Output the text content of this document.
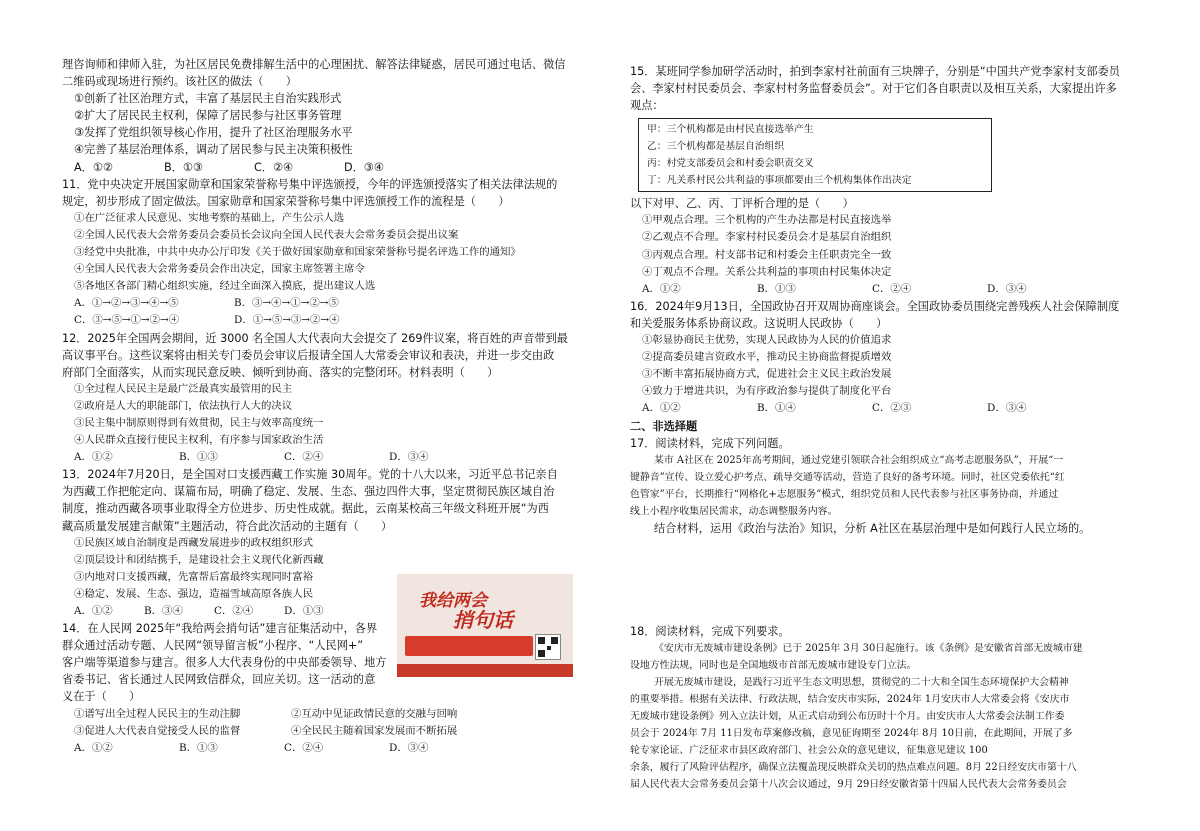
理咨询师和律师入驻，为社区居民免费排解生活中的心理困扰、解答法律疑惑，居民可通过电话、微信
二维码或现场进行预约。该社区的做法（　　）
①创新了社区治理方式，丰富了基层民主自治实践形式
②扩大了居民民主权利，保障了居民参与社区事务管理
③发挥了党组织领导核心作用，提升了社区治理服务水平
④完善了基层治理体系，调动了居民参与民主决策积极性
A．①②	B．①③	C．②④	D．③④
11．党中央决定开展国家勋章和国家荣誉称号集中评选颁授，今年的评选颁授落实了相关法律法规的
规定，初步形成了固定做法。国家勋章和国家荣誉称号集中评选颁授工作的流程是（　　）
①在广泛征求人民意见、实地考察的基础上，产生公示人选
②全国人民代表大会常务委员会委员长会议向全国人民代表大会常务委员会提出议案
③经党中央批准，中共中央办公厅印发《关于做好国家勋章和国家荣誉称号提名评选工作的通知》
④全国人民代表大会常务委员会作出决定，国家主席签署主席令
⑤各地区各部门精心组织实施，经过全面深入摸底，提出建议人选
A．①→②→③→④→⑤	B．③→④→①→②→⑤
C．③→⑤→①→②→④	D．①→⑤→③→②→④
12．2025年全国两会期间，近 3000 名全国人大代表向大会提交了 269件议案，将百姓的声音带到最
高议事平台。这些议案将由相关专门委员会审议后报请全国人大常委会审议和表决，并进一步交由政
府部门全面落实，从而实现民意反映、倾听到协商、落实的完整闭环。材料表明（　　）
①全过程人民民主是最广泛最真实最管用的民主
②政府是人大的职能部门，依法执行人大的决议
③民主集中制原则得到有效贯彻，民主与效率高度统一
④人民群众直接行使民主权利，有序参与国家政治生活
A．①②	B．①③	C．②④	D．③④
13．2024年7月20日，是全国对口支援西藏工作实施 30周年。党的十八大以来，习近平总书记亲自
为西藏工作把舵定向、谋篇布局，明确了稳定、发展、生态、强边四件大事，坚定贯彻民族区域自治
制度，推动西藏各项事业取得全方位进步、历史性成就。据此，云南某校高三年级文科班开展“为西
藏高质量发展建言献策”主题活动，符合此次活动的主题有（　　）
①民族区域自治制度是西藏发展进步的政权组织形式
②顶层设计和团结携手，是建设社会主义现代化新西藏
③内地对口支援西藏，先富帮后富最终实现同时富裕
④稳定、发展、生态、强边，造福雪域高原各族人民
A．①②	B．③④	C．②④	D．①③
14．在人民网 2025年“我给两会捎句话”建言征集活动中，各界
群众通过活动专题、人民网“领导留言板”小程序、“人民网+”
客户端等渠道参与建言。很多人大代表身份的中央部委领导、地方
省委书记、省长通过人民网致信群众，回应关切。这一活动的意
义在于（　　）
①谱写出全过程人民民主的生动注脚	②互动中见证政情民意的交融与回响
③促进人大代表自觉接受人民的监督	④全民民主随着国家发展而不断拓展
A．①②	B．①③	C．②④	D．③④
我给两会
捎句话
15．某班同学参加研学活动时，拍到李家村社前面有三块牌子，分别是“中国共产党李家村支部委员
会、李家村村民委员会、李家村村务监督委员会”。对于它们各自职责以及相互关系，大家提出许多
观点：
甲：三个机构都是由村民直接选举产生
乙：三个机构都是基层自治组织
丙：村党支部委员会和村委会职责交叉
丁：凡关系村民公共利益的事项都要由三个机构集体作出决定
以下对甲、乙、丙、丁评析合理的是（　　）
①甲观点合理。三个机构的产生办法都是村民直接选举
②乙观点不合理。李家村村民委员会才是基层自治组织
③丙观点合理。村支部书记和村委会主任职责完全一致
④丁观点不合理。关系公共利益的事项由村民集体决定
A．①②	B．①③	C．②④	D．③④
16．2024年9月13日，全国政协召开双周协商座谈会。全国政协委员围绕完善残疾人社会保障制度
和关爱服务体系协商议政。这说明人民政协（　　）
①彰显协商民主优势，实现人民政协为人民的价值追求
②提高委员建言资政水平，推动民主协商监督提质增效
③不断丰富拓展协商方式，促进社会主义民主政治发展
④致力于增进共识，为有序政治参与提供了制度化平台
A．①②	B．①④	C．②③	D．③④
二、非选择题
17．阅读材料，完成下列问题。
某市 A社区在 2025年高考期间，通过党建引领联合社会组织成立“高考志愿服务队”，开展“一
键静音”宣传、设立爱心护考点、疏导交通等活动，营造了良好的备考环境。同时，社区党委依托“红
色管家”平台，长期推行“网格化+志愿服务”模式，组织党员和人民代表参与社区事务协商，并通过
线上小程序收集居民需求，动态调整服务内容。
结合材料，运用《政治与法治》知识，分析 A社区在基层治理中是如何践行人民立场的。
18．阅读材料，完成下列要求。
《安庆市无废城市建设条例》已于 2025年 3月 30日起施行。该《条例》是安徽省首部无废城市建
设地方性法规，同时也是全国地级市首部无废城市建设专门立法。
开展无废城市建设，是践行习近平生态文明思想，贯彻党的二十大和全国生态环境保护大会精神
的重要举措。根据有关法律、行政法规，结合安庆市实际，2024年 1月安庆市人大常委会将《安庆市
无废城市建设条例》列入立法计划，从正式启动到公布历时十个月。由安庆市人大常委会法制工作委
员会于 2024年 7月 11日发布草案修改稿，意见征询期至 2024年 8月 10日前，在此期间，开展了多
轮专家论证、广泛征求市县区政府部门、社会公众的意见建议，征集意见建议 100
余条，履行了风险评估程序，确保立法覆盖现反映群众关切的热点难点问题。8月 22日经安庆市第十八
届人民代表大会常务委员会第十八次会议通过，9月 29日经安徽省第十四届人民代表大会常务委员会
